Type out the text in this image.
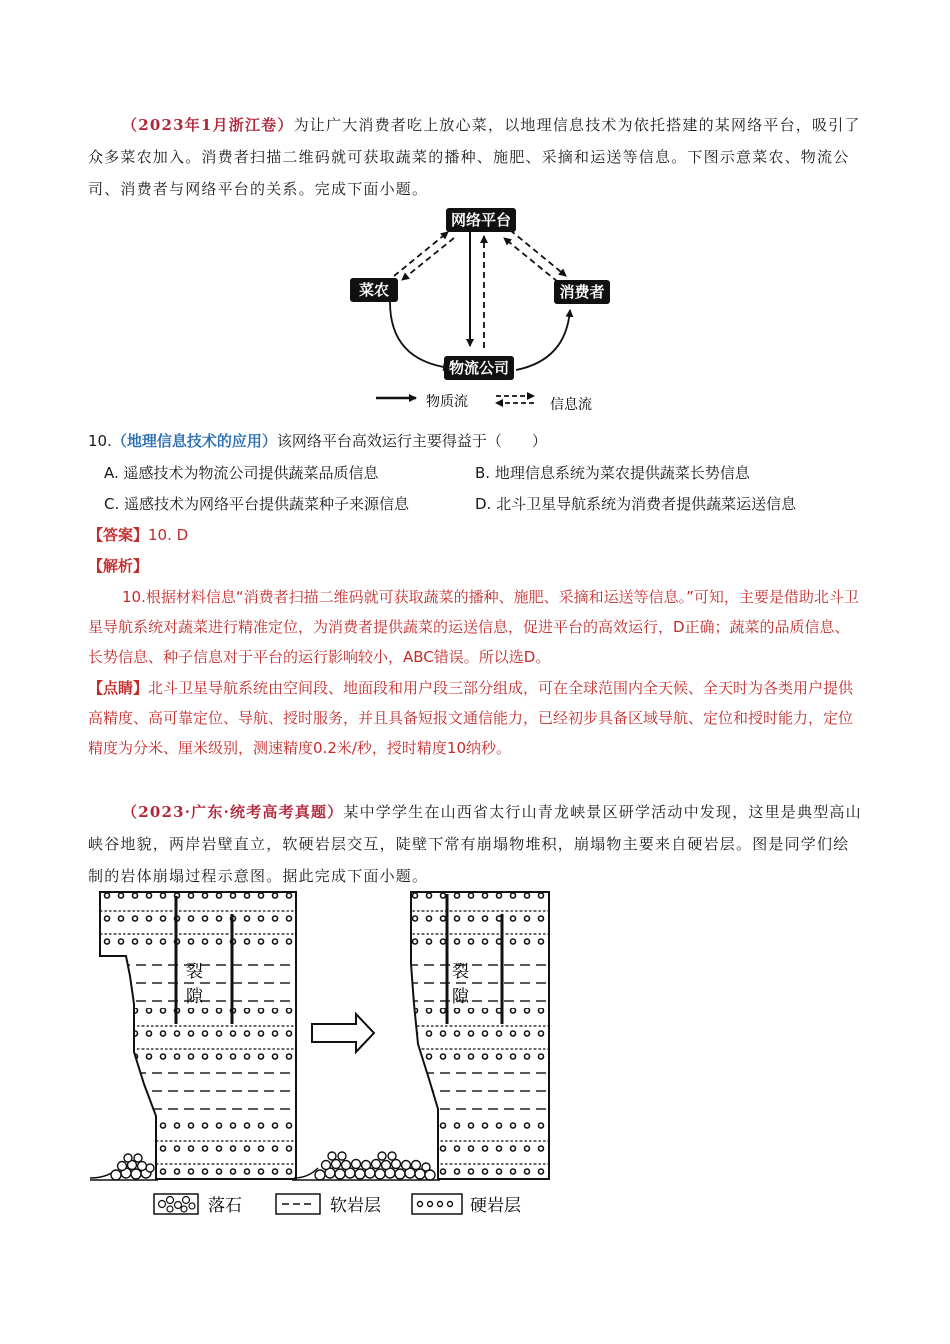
（2023年1月浙江卷）为让广大消费者吃上放心菜，以地理信息技术为依托搭建的某网络平台，吸引了众多菜农加入。消费者扫描二维码就可获取蔬菜的播种、施肥、采摘和运送等信息。下图示意菜农、物流公司、消费者与网络平台的关系。完成下面小题。
网络平台
菜农	消费者
物流公司
物质流	信息流
10.（地理信息技术的应用）该网络平台高效运行主要得益于（　　）
A. 遥感技术为物流公司提供蔬菜品质信息	B. 地理信息系统为菜农提供蔬菜长势信息
C. 遥感技术为网络平台提供蔬菜种子来源信息	D. 北斗卫星导航系统为消费者提供蔬菜运送信息
【答案】10. D
【解析】
10.根据材料信息“消费者扫描二维码就可获取蔬菜的播种、施肥、采摘和运送等信息。”可知，主要是借助北斗卫星导航系统对蔬菜进行精准定位，为消费者提供蔬菜的运送信息，促进平台的高效运行，D正确；蔬菜的品质信息、长势信息、种子信息对于平台的运行影响较小，ABC错误。所以选D。
【点睛】北斗卫星导航系统由空间段、地面段和用户段三部分组成，可在全球范围内全天候、全天时为各类用户提供高精度、高可靠定位、导航、授时服务，并且具备短报文通信能力，已经初步具备区域导航、定位和授时能力，定位精度为分米、厘米级别，测速精度0.2米/秒，授时精度10纳秒。
（2023·广东·统考高考真题）某中学学生在山西省太行山青龙峡景区研学活动中发现，这里是典型高山峡谷地貌，两岸岩壁直立，软硬岩层交互，陡壁下常有崩塌物堆积，崩塌物主要来自硬岩层。图是同学们绘制的岩体崩塌过程示意图。据此完成下面小题。
裂
隙
裂
隙
落石	软岩层	硬岩层
